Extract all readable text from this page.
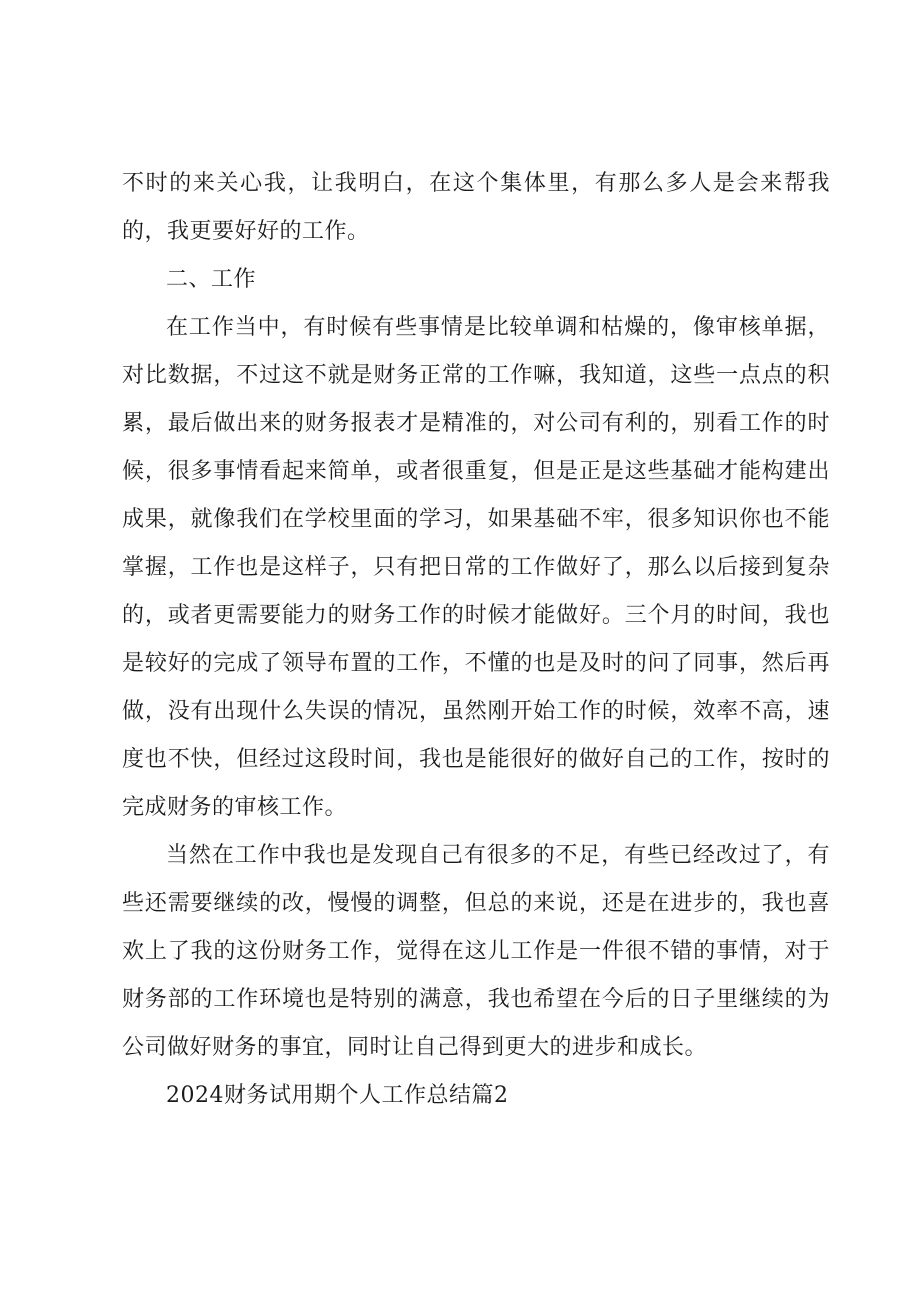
不时的来关心我，让我明白，在这个集体里，有那么多人是会来帮我的，我更要好好的工作。

二、工作

在工作当中，有时候有些事情是比较单调和枯燥的，像审核单据，对比数据，不过这不就是财务正常的工作嘛，我知道，这些一点点的积累，最后做出来的财务报表才是精准的，对公司有利的，别看工作的时候，很多事情看起来简单，或者很重复，但是正是这些基础才能构建出成果，就像我们在学校里面的学习，如果基础不牢，很多知识你也不能掌握，工作也是这样子，只有把日常的工作做好了，那么以后接到复杂的，或者更需要能力的财务工作的时候才能做好。三个月的时间，我也是较好的完成了领导布置的工作，不懂的也是及时的问了同事，然后再做，没有出现什么失误的情况，虽然刚开始工作的时候，效率不高，速度也不快，但经过这段时间，我也是能很好的做好自己的工作，按时的完成财务的审核工作。

当然在工作中我也是发现自己有很多的不足，有些已经改过了，有些还需要继续的改，慢慢的调整，但总的来说，还是在进步的，我也喜欢上了我的这份财务工作，觉得在这儿工作是一件很不错的事情，对于财务部的工作环境也是特别的满意，我也希望在今后的日子里继续的为公司做好财务的事宜，同时让自己得到更大的进步和成长。

2024财务试用期个人工作总结篇2
